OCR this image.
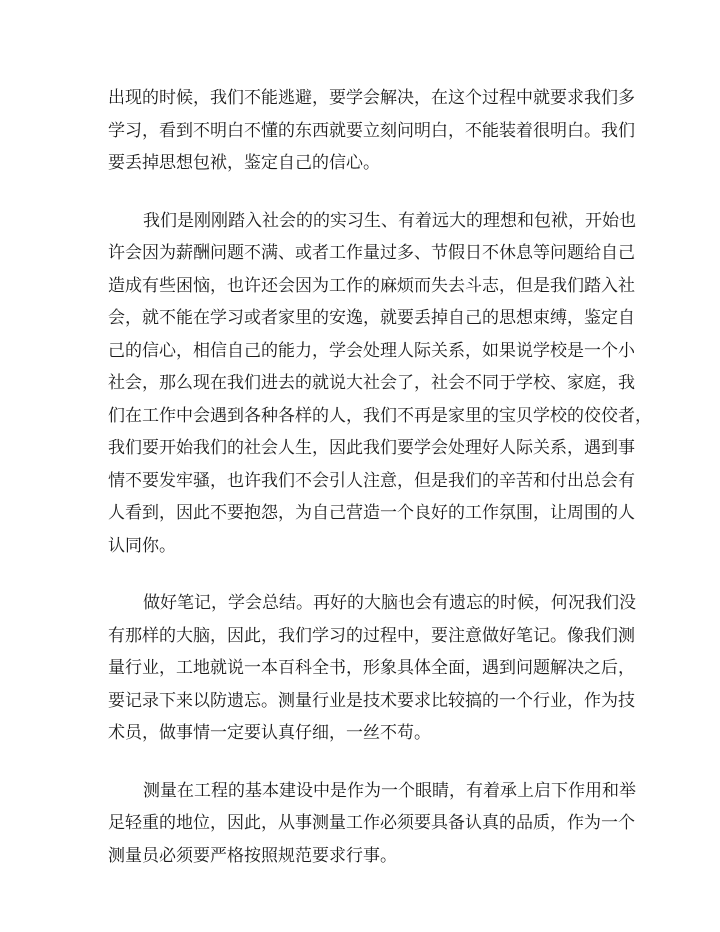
出现的时候，我们不能逃避，要学会解决，在这个过程中就要求我们多
学习，看到不明白不懂的东西就要立刻问明白，不能装着很明白。我们
要丢掉思想包袱，鉴定自己的信心。
我们是刚刚踏入社会的的实习生、有着远大的理想和包袱，开始也
许会因为薪酬问题不满、或者工作量过多、节假日不休息等问题给自己
造成有些困恼，也许还会因为工作的麻烦而失去斗志，但是我们踏入社
会，就不能在学习或者家里的安逸，就要丢掉自己的思想束缚，鉴定自
己的信心，相信自己的能力，学会处理人际关系，如果说学校是一个小
社会，那么现在我们进去的就说大社会了，社会不同于学校、家庭，我
们在工作中会遇到各种各样的人，我们不再是家里的宝贝学校的佼佼者，
我们要开始我们的社会人生，因此我们要学会处理好人际关系，遇到事
情不要发牢骚，也许我们不会引人注意，但是我们的辛苦和付出总会有
人看到，因此不要抱怨，为自己营造一个良好的工作氛围，让周围的人
认同你。
做好笔记，学会总结。再好的大脑也会有遗忘的时候，何况我们没
有那样的大脑，因此，我们学习的过程中，要注意做好笔记。像我们测
量行业，工地就说一本百科全书，形象具体全面，遇到问题解决之后，
要记录下来以防遗忘。测量行业是技术要求比较搞的一个行业，作为技
术员，做事情一定要认真仔细，一丝不苟。
测量在工程的基本建设中是作为一个眼睛，有着承上启下作用和举
足轻重的地位，因此，从事测量工作必须要具备认真的品质，作为一个
测量员必须要严格按照规范要求行事。
